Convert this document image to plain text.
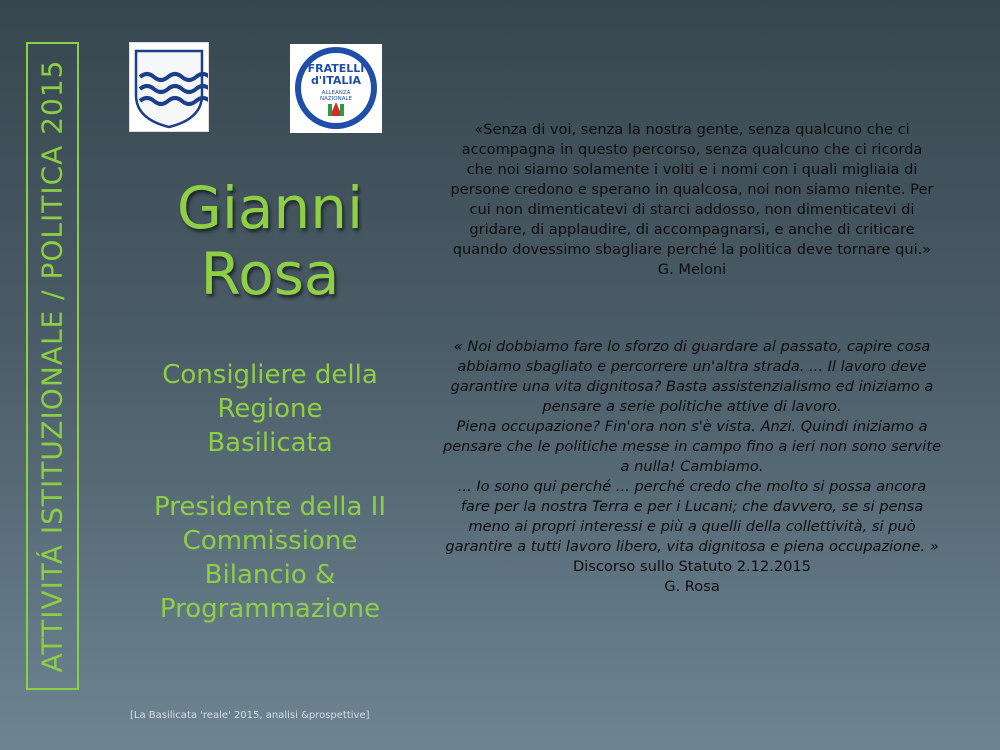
ATTIVITÁ ISTITUZIONALE / POLITICA 2015	FRATELLI
d'ITALIA
ALLEANZA
NAZIONALE
Gianni
Rosa
Consigliere della
Regione
Basilicata
Presidente della II
Commissione
Bilancio &
Programmazione

«Senza di voi, senza la nostra gente, senza qualcuno che ci

accompagna in questo percorso, senza qualcuno che ci ricorda

che noi siamo solamente i volti e i nomi con i quali migliaia di

persone credono e sperano in qualcosa, noi non siamo niente. Per

cui non dimenticatevi di starci addosso, non dimenticatevi di

gridare, di applaudire, di accompagnarsi, e anche di criticare

quando dovessimo sbagliare perché la politica deve tornare qui.»

G. Meloni

« Noi dobbiamo fare lo sforzo di guardare al passato, capire cosa

abbiamo sbagliato e percorrere un'altra strada. ... Il lavoro deve

garantire una vita dignitosa? Basta assistenzialismo ed iniziamo a

pensare a serie politiche attive di lavoro.

Piena occupazione? Fin'ora non s'è vista. Anzi. Quindi iniziamo a

pensare che le politiche messe in campo fino a ieri non sono servite

a nulla! Cambiamo.

... Io sono qui perché ... perché credo che molto si possa ancora

fare per la nostra Terra e per i Lucani; che davvero, se si pensa

meno ai propri interessi e più a quelli della collettività, si può

garantire a tutti lavoro libero, vita dignitosa e piena occupazione. »

Discorso sullo Statuto 2.12.2015

G. Rosa

[La Basilicata 'reale' 2015, analisi &prospettive]
